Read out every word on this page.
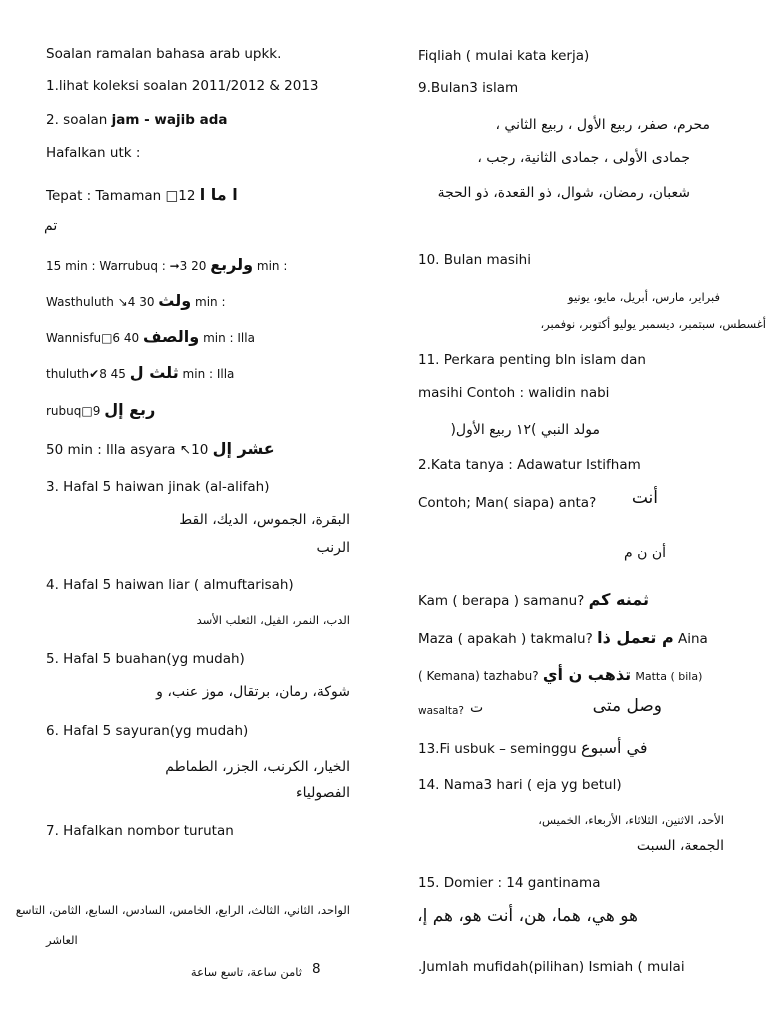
Soalan ramalan bahasa arab upkk.
1.lihat koleksi soalan 2011/2012 & 2013
2. soalan jam - wajib ada
Hafalkan utk :
Tepat : Tamaman □12 ا ما ا
تم
15 min : Warrubuq : ➞3 20 ولربع min :
Wasthuluth ↘4 30 ولث min :
Wannisfu□6 40 والصف min : Illa
thuluth✔8 45 ثلث ل min : Illa
rubuq□9 ربع إل
50 min : Illa asyara ↖10 عشر إل
3. Hafal 5 haiwan jinak (al-alifah)
البقرة، الجموس، الديك، القط
الرنب
4. Hafal 5 haiwan liar ( almuftarisah)
الدب، النمر، الفيل، الثعلب الأسد
5. Hafal 5 buahan(yg mudah)
شوكة، رمان، برتقال، موز عنب، و
6. Hafal 5 sayuran(yg mudah)
الخيار، الكرنب، الجزر، الطماطم
الفصولياء
7. Hafalkan nombor turutan
الواحد، الثاني، الثالث، الرابع، الخامس، السادس، السابع، الثامن، التاسع
العاشر
8
ثامن ساعة، تاسع ساعة
Fiqliah ( mulai kata kerja)
9.Bulan3 islam
محرم، صفر، ربيع الأول ، ربيع الثاني ،
جمادى الأولى ، جمادى الثانية، رجب ،
شعبان، رمضان، شوال، ذو القعدة، ذو الحجة
10. Bulan masihi
فبراير، مارس، أبريل، مايو، يونيو
أغسطس، سبتمبر، ديسمبر يوليو أكتوبر، نوفمبر،
11. Perkara penting bln islam dan
masihi Contoh : walidin nabi
مولد النبي )١٢ ربيع الأول(
2.Kata tanya : Adawatur Istifham
Contoh; Man( siapa) anta? أنت
أن ن م
Kam ( berapa ) samanu? ثمنه كم
Maza ( apakah ) takmalu? م تعمل ذا Aina
( Kemana) tazhabu? تذهب ن أي Matta ( bila)
wasalta? ت	وصل متى
13.Fi usbuk – seminggu في أسبوع
14. Nama3 hari ( eja yg betul)
الأحد، الاثنين، الثلاثاء، الأربعاء، الخميس،
الجمعة، السبت
15. Domier : 14 gantinama
هو هي، هما، هن، أنت هو، هم إ،
.Jumlah mufidah(pilihan) Ismiah ( mulai
